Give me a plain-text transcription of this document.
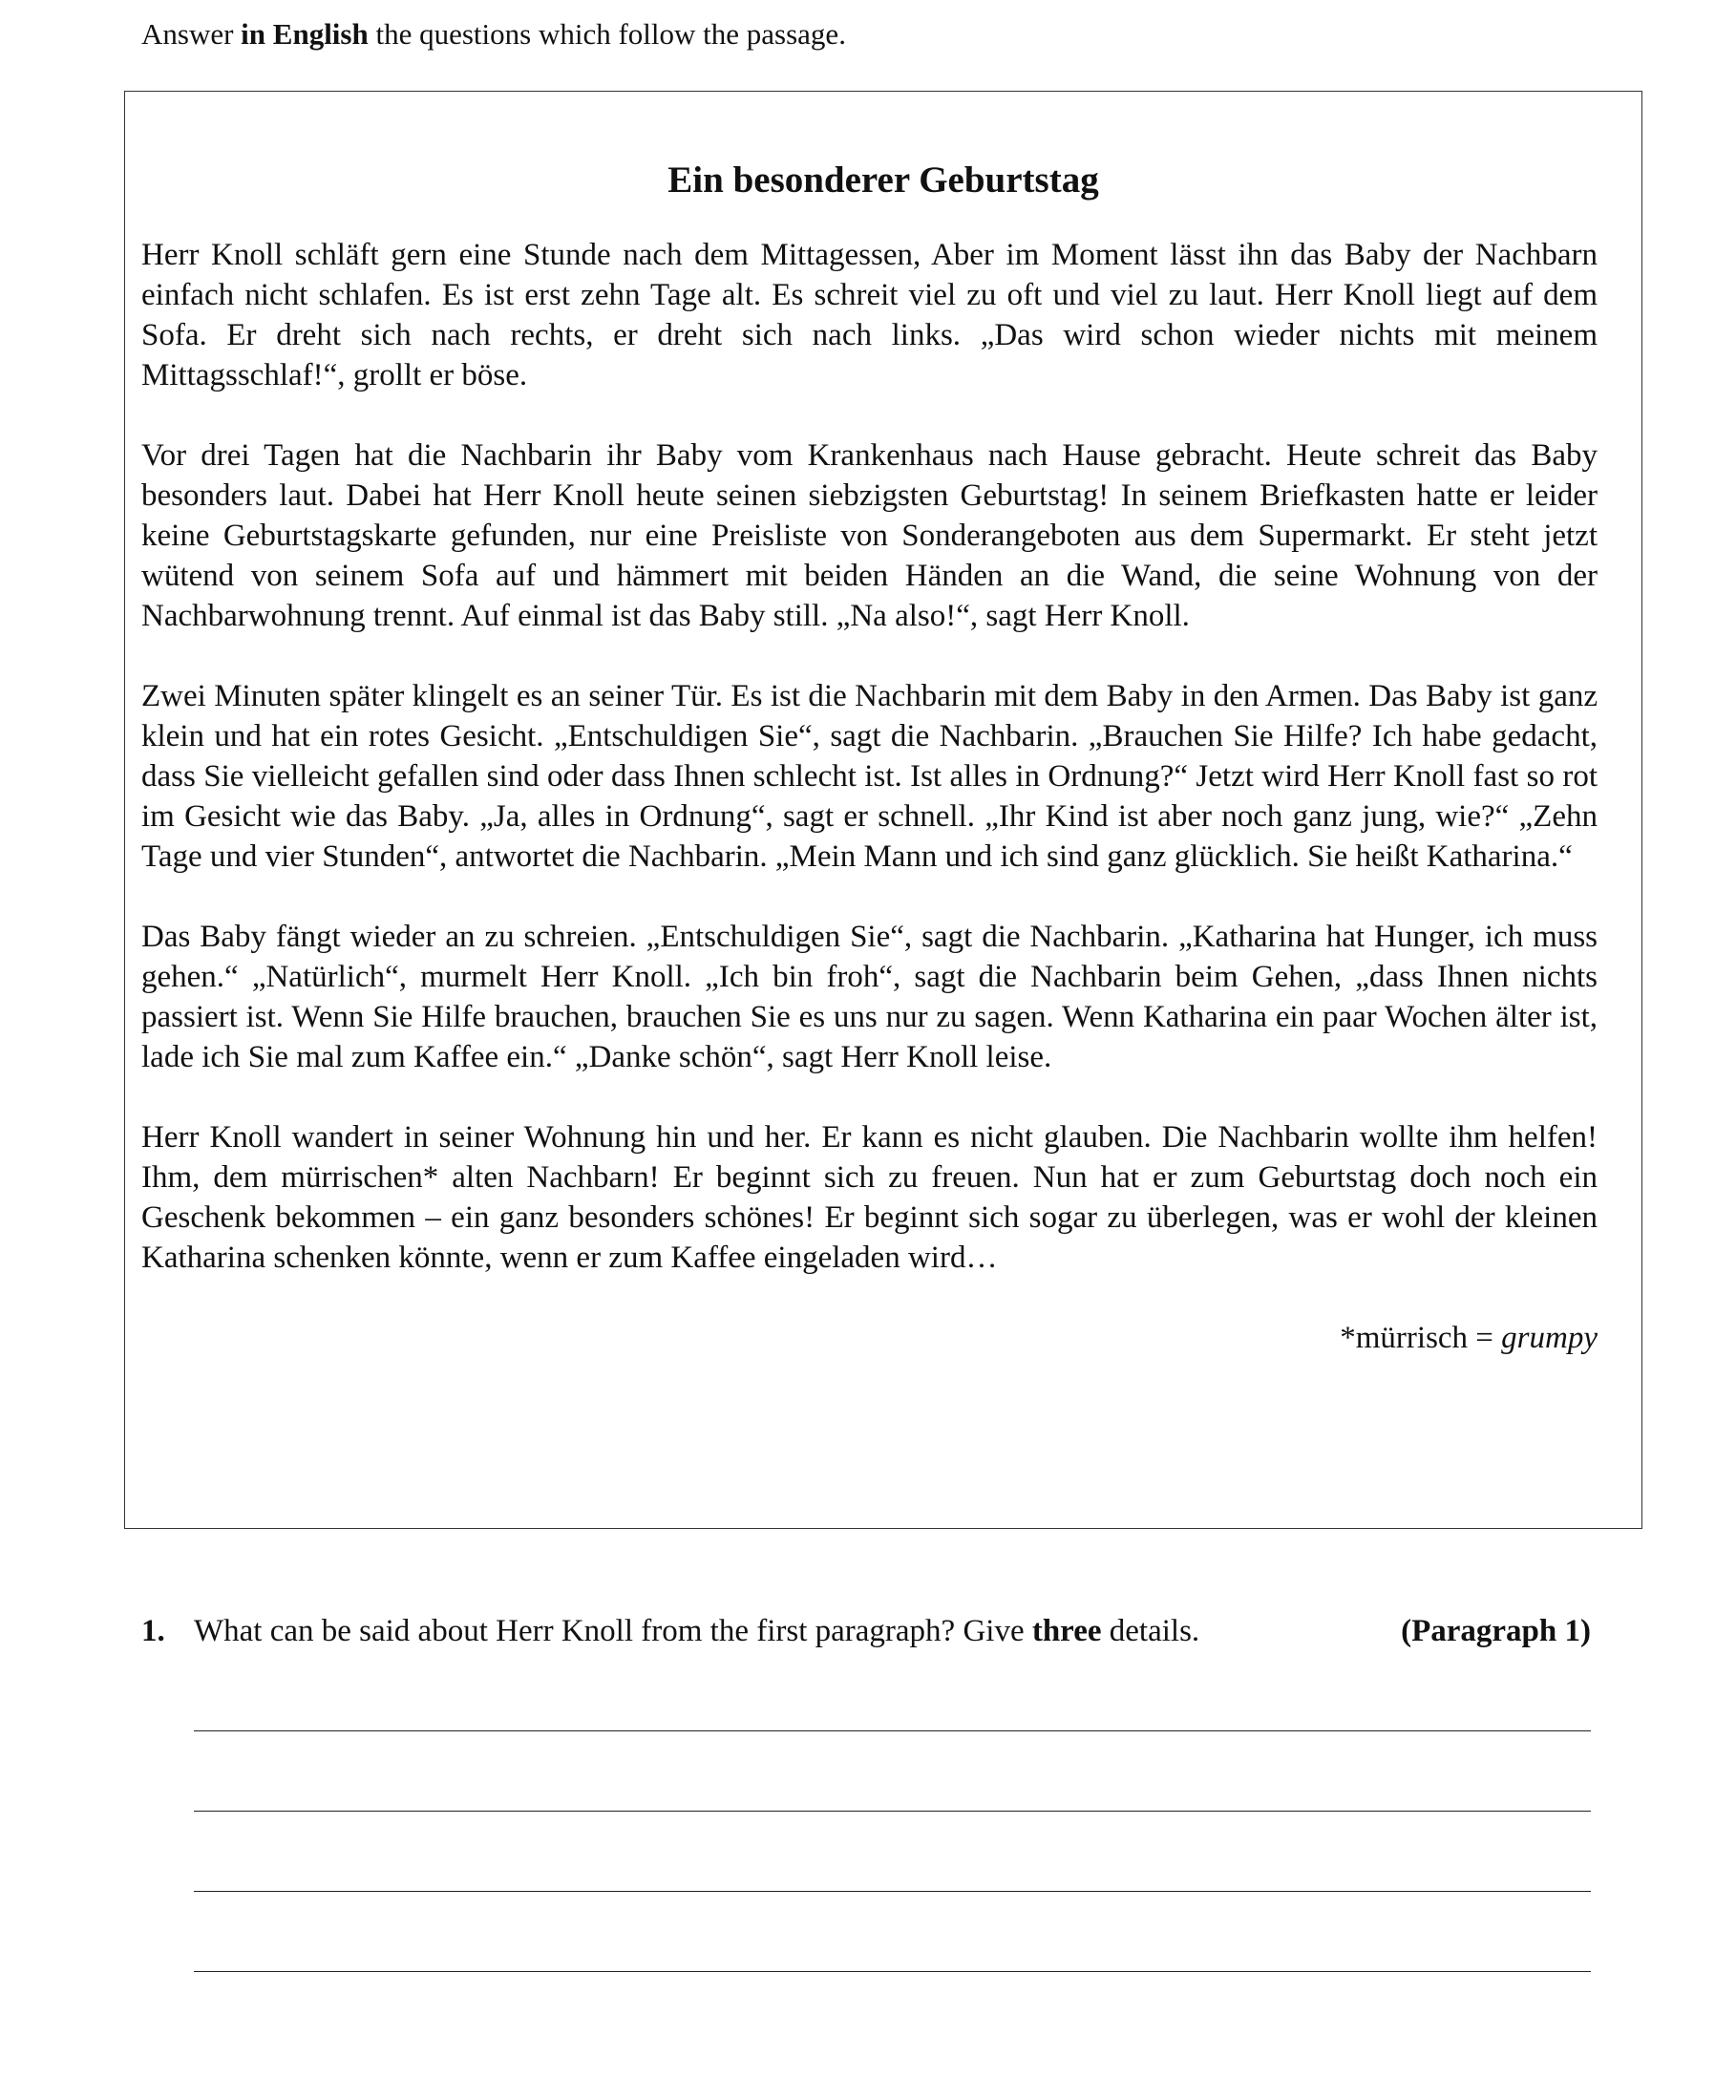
Answer in English the questions which follow the passage.
Ein besonderer Geburtstag

Herr Knoll schläft gern eine Stunde nach dem Mittagessen, Aber im Moment lässt ihn das Baby der Nachbarn einfach nicht schlafen. Es ist erst zehn Tage alt. Es schreit viel zu oft und viel zu laut. Herr Knoll liegt auf dem Sofa. Er dreht sich nach rechts, er dreht sich nach links. „Das wird schon wieder nichts mit meinem Mittagsschlaf!“, grollt er böse.

Vor drei Tagen hat die Nachbarin ihr Baby vom Krankenhaus nach Hause gebracht. Heute schreit das Baby besonders laut. Dabei hat Herr Knoll heute seinen siebzigsten Geburtstag! In seinem Briefkasten hatte er leider keine Geburtstagskarte gefunden, nur eine Preisliste von Sonderangeboten aus dem Supermarkt. Er steht jetzt wütend von seinem Sofa auf und hämmert mit beiden Händen an die Wand, die seine Wohnung von der Nachbarwohnung trennt. Auf einmal ist das Baby still. „Na also!“, sagt Herr Knoll.

Zwei Minuten später klingelt es an seiner Tür. Es ist die Nachbarin mit dem Baby in den Armen. Das Baby ist ganz klein und hat ein rotes Gesicht. „Entschuldigen Sie“, sagt die Nachbarin. „Brauchen Sie Hilfe? Ich habe gedacht, dass Sie vielleicht gefallen sind oder dass Ihnen schlecht ist. Ist alles in Ordnung?“ Jetzt wird Herr Knoll fast so rot im Gesicht wie das Baby. „Ja, alles in Ordnung“, sagt er schnell. „Ihr Kind ist aber noch ganz jung, wie?“ „Zehn Tage und vier Stunden“, antwortet die Nachbarin. „Mein Mann und ich sind ganz glücklich. Sie heißt Katharina.“

Das Baby fängt wieder an zu schreien. „Entschuldigen Sie“, sagt die Nachbarin. „Katharina hat Hunger, ich muss gehen.“ „Natürlich“, murmelt Herr Knoll. „Ich bin froh“, sagt die Nachbarin beim Gehen, „dass Ihnen nichts passiert ist. Wenn Sie Hilfe brauchen, brauchen Sie es uns nur zu sagen. Wenn Katharina ein paar Wochen älter ist, lade ich Sie mal zum Kaffee ein.“ „Danke schön“, sagt Herr Knoll leise.

Herr Knoll wandert in seiner Wohnung hin und her. Er kann es nicht glauben. Die Nachbarin wollte ihm helfen! Ihm, dem mürrischen* alten Nachbarn! Er beginnt sich zu freuen. Nun hat er zum Geburtstag doch noch ein Geschenk bekommen – ein ganz besonders schönes! Er beginnt sich sogar zu überlegen, was er wohl der kleinen Katharina schenken könnte, wenn er zum Kaffee eingeladen wird…

*mürrisch = grumpy

1. What can be said about Herr Knoll from the first paragraph? Give three details.	(Paragraph 1)
